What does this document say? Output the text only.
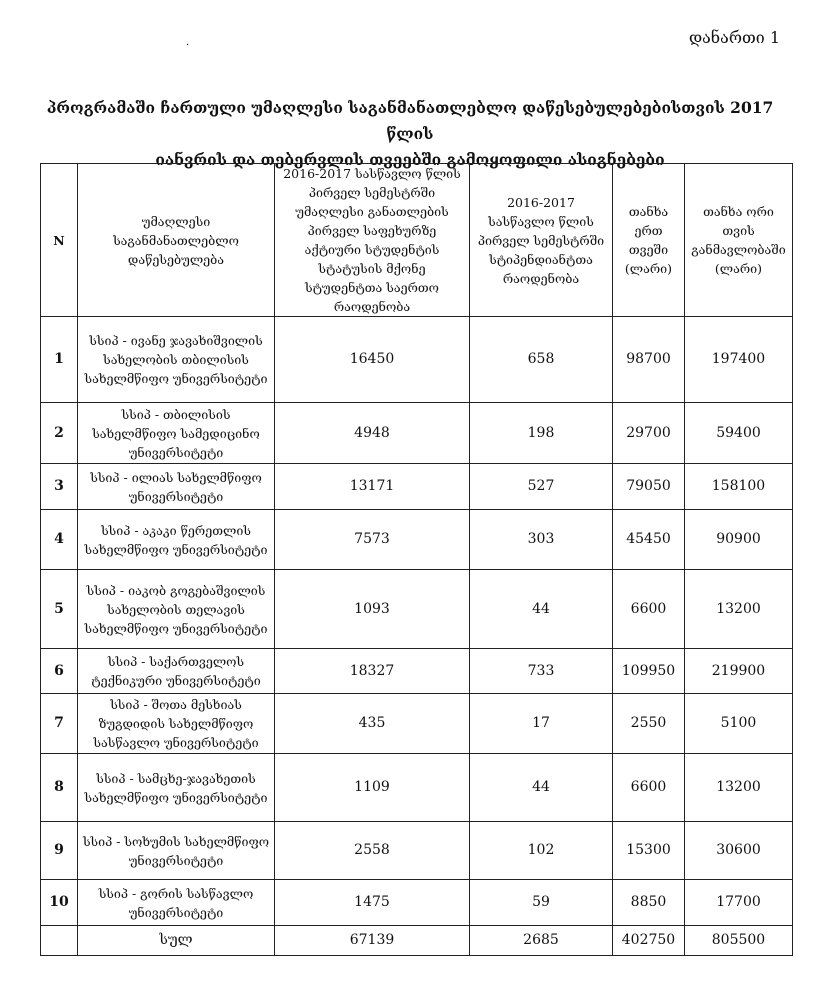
დანართი 1
·
პროგრამაში ჩართული უმაღლესი საგანმანათლებლო დაწესებულებებისთვის 2017 წლის
იანვრის და თებერვლის თვეებში გამოყოფილი ასიგნებები
N	უმაღლესი საგანმანათლებლო დაწესებულება	2016-2017 სასწავლო წლის პირველ სემესტრში უმაღლესი განათლების პირველ საფეხურზე აქტიური სტუდენტის სტატუსის მქონე სტუდენტთა საერთო რაოდენობა	2016-2017 სასწავლო წლის პირველ სემესტრში სტიპენდიანტთა რაოდენობა	თანხა ერთ თვეში (ლარი)	თანხა ორი თვის განმავლობაში (ლარი)
1	სსიპ - ივანე ჯავახიშვილის სახელობის თბილისის სახელმწიფო უნივერსიტეტი	16450	658	98700	197400
2	სსიპ - თბილისის სახელმწიფო სამედიცინო უნივერსიტეტი	4948	198	29700	59400
3	სსიპ - ილიას სახელმწიფო უნივერსიტეტი	13171	527	79050	158100
4	სსიპ - აკაკი წერეთლის სახელმწიფო უნივერსიტეტი	7573	303	45450	90900
5	სსიპ - იაკობ გოგებაშვილის სახელობის თელავის სახელმწიფო უნივერსიტეტი	1093	44	6600	13200
6	სსიპ - საქართველოს ტექნიკური უნივერსიტეტი	18327	733	109950	219900
7	სსიპ - შოთა მესხიას ზუგდიდის სახელმწიფო სასწავლო უნივერსიტეტი	435	17	2550	5100
8	სსიპ - სამცხე-ჯავახეთის სახელმწიფო უნივერსიტეტი	1109	44	6600	13200
9	სსიპ - სოხუმის სახელმწიფო უნივერსიტეტი	2558	102	15300	30600
10	სსიპ - გორის სასწავლო უნივერსიტეტი	1475	59	8850	17700
	სულ	67139	2685	402750	805500
